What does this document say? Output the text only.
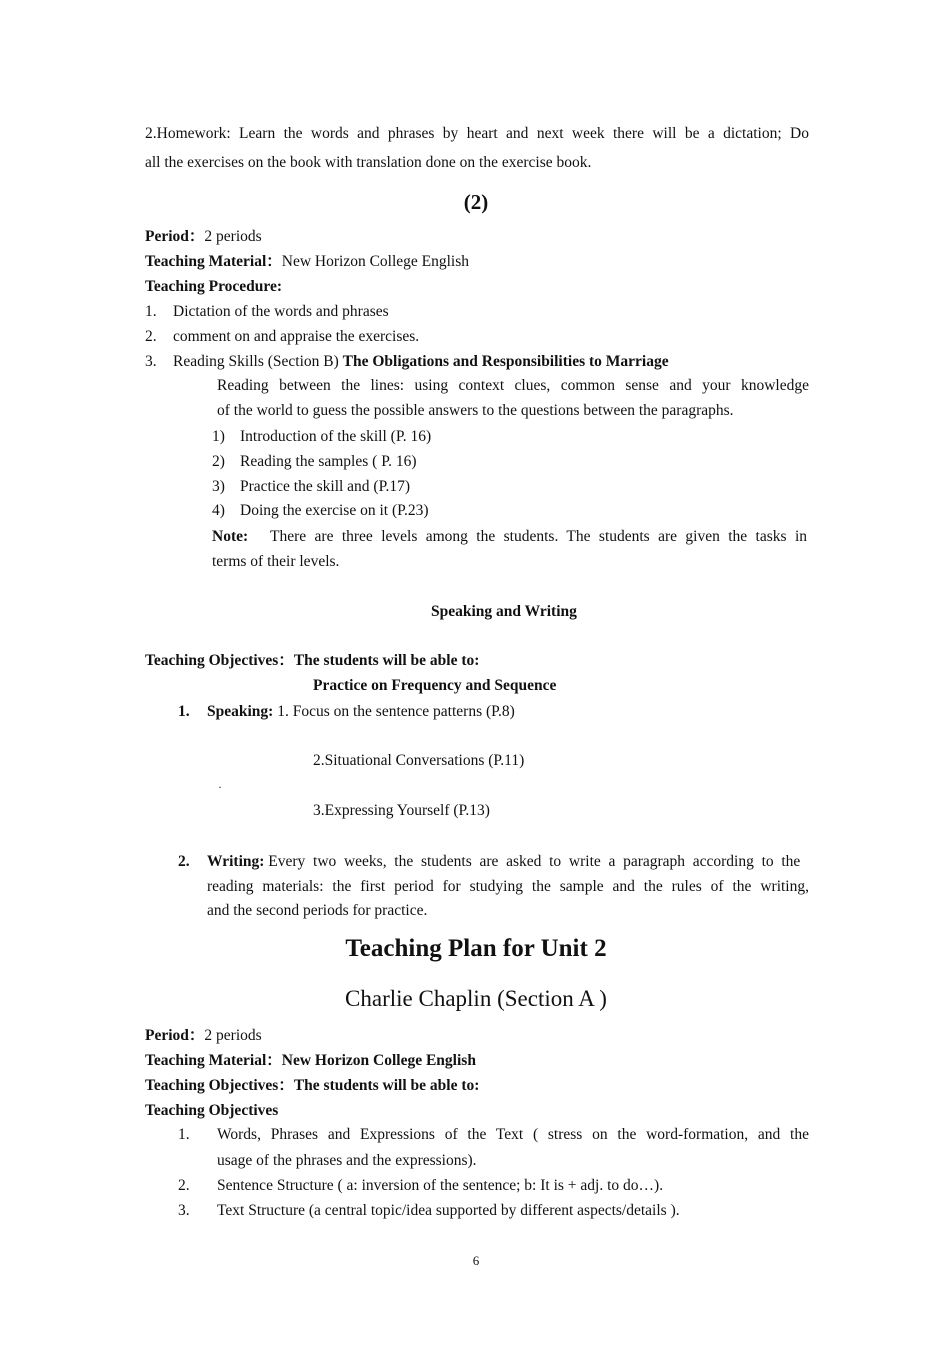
2.Homework: Learn the words and phrases by heart and next week there will be a dictation; Do
all the exercises on the book with translation done on the exercise book.
(2)
Period：2 periods
Teaching Material：New Horizon College English
Teaching Procedure:
1. Dictation of the words and phrases
2. comment on and appraise the exercises.
3. Reading Skills (Section B) The Obligations and Responsibilities to Marriage
Reading between the lines: using context clues, common sense and your knowledge
of the world to guess the possible answers to the questions between the paragraphs.
1) Introduction of the skill (P. 16)
2) Reading the samples ( P. 16)
3) Practice the skill and (P.17)
4) Doing the exercise on it (P.23)
Note: There are three levels among the students. The students are given the tasks in
terms of their levels.
Speaking and Writing
Teaching Objectives：The students will be able to:
Practice on Frequency and Sequence
1. Speaking: 1. Focus on the sentence patterns (P.8)
2.Situational Conversations (P.11)
·
3.Expressing Yourself (P.13)
2. Writing: Every two weeks, the students are asked to write a paragraph according to the
reading materials: the first period for studying the sample and the rules of the writing,
and the second periods for practice.
Teaching Plan for Unit 2
Charlie Chaplin (Section A )
Period：2 periods
Teaching Material：New Horizon College English
Teaching Objectives：The students will be able to:
Teaching Objectives
1. Words, Phrases and Expressions of the Text ( stress on the word-formation, and the
usage of the phrases and the expressions).
2. Sentence Structure ( a: inversion of the sentence; b: It is + adj. to do…).
3. Text Structure (a central topic/idea supported by different aspects/details ).
6
